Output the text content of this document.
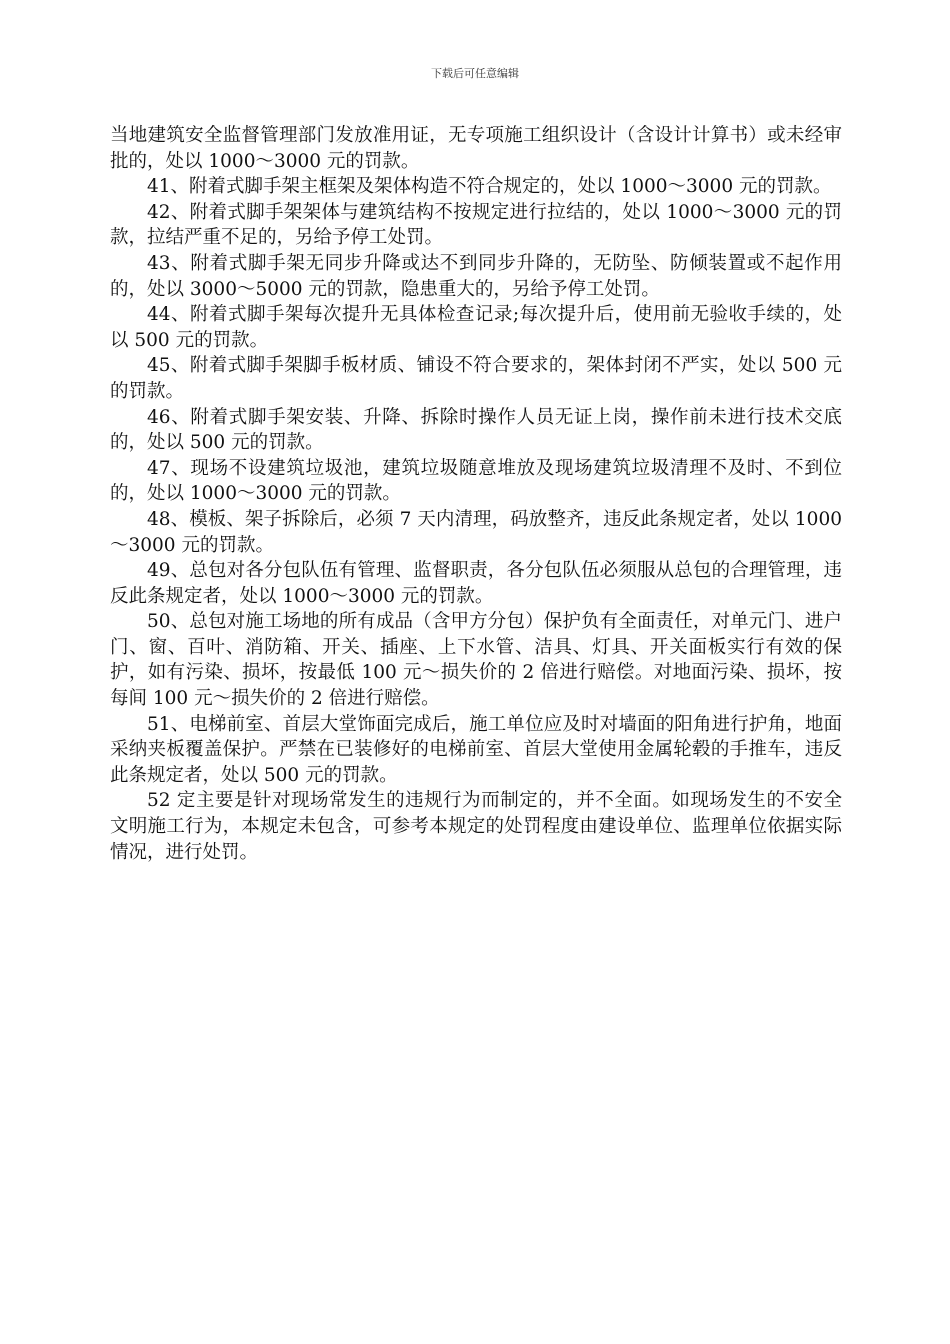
下载后可任意编辑

当地建筑安全监督管理部门发放准用证，无专项施工组织设计（含设计计算书）或未经审批的，处以 1000～3000 元的罚款。

41、附着式脚手架主框架及架体构造不符合规定的，处以 1000～3000 元的罚款。

42、附着式脚手架架体与建筑结构不按规定进行拉结的，处以 1000～3000 元的罚款，拉结严重不足的，另给予停工处罚。

43、附着式脚手架无同步升降或达不到同步升降的，无防坠、防倾装置或不起作用的，处以 3000～5000 元的罚款，隐患重大的，另给予停工处罚。

44、附着式脚手架每次提升无具体检查记录;每次提升后，使用前无验收手续的，处以 500 元的罚款。

45、附着式脚手架脚手板材质、铺设不符合要求的，架体封闭不严实，处以 500 元的罚款。

46、附着式脚手架安装、升降、拆除时操作人员无证上岗，操作前未进行技术交底的，处以 500 元的罚款。

47、现场不设建筑垃圾池，建筑垃圾随意堆放及现场建筑垃圾清理不及时、不到位的，处以 1000～3000 元的罚款。

48、模板、架子拆除后，必须 7 天内清理，码放整齐，违反此条规定者，处以 1000～3000 元的罚款。

49、总包对各分包队伍有管理、监督职责，各分包队伍必须服从总包的合理管理，违反此条规定者，处以 1000～3000 元的罚款。

50、总包对施工场地的所有成品（含甲方分包）保护负有全面责任，对单元门、进户门、窗、百叶、消防箱、开关、插座、上下水管、洁具、灯具、开关面板实行有效的保护，如有污染、损坏，按最低 100 元～损失价的 2 倍进行赔偿。对地面污染、损坏，按每间 100 元～损失价的 2 倍进行赔偿。

51、电梯前室、首层大堂饰面完成后，施工单位应及时对墙面的阳角进行护角，地面采纳夹板覆盖保护。严禁在已装修好的电梯前室、首层大堂使用金属轮毂的手推车，违反此条规定者，处以 500 元的罚款。

52 定主要是针对现场常发生的违规行为而制定的，并不全面。如现场发生的不安全文明施工行为，本规定未包含，可参考本规定的处罚程度由建设单位、监理单位依据实际情况，进行处罚。
